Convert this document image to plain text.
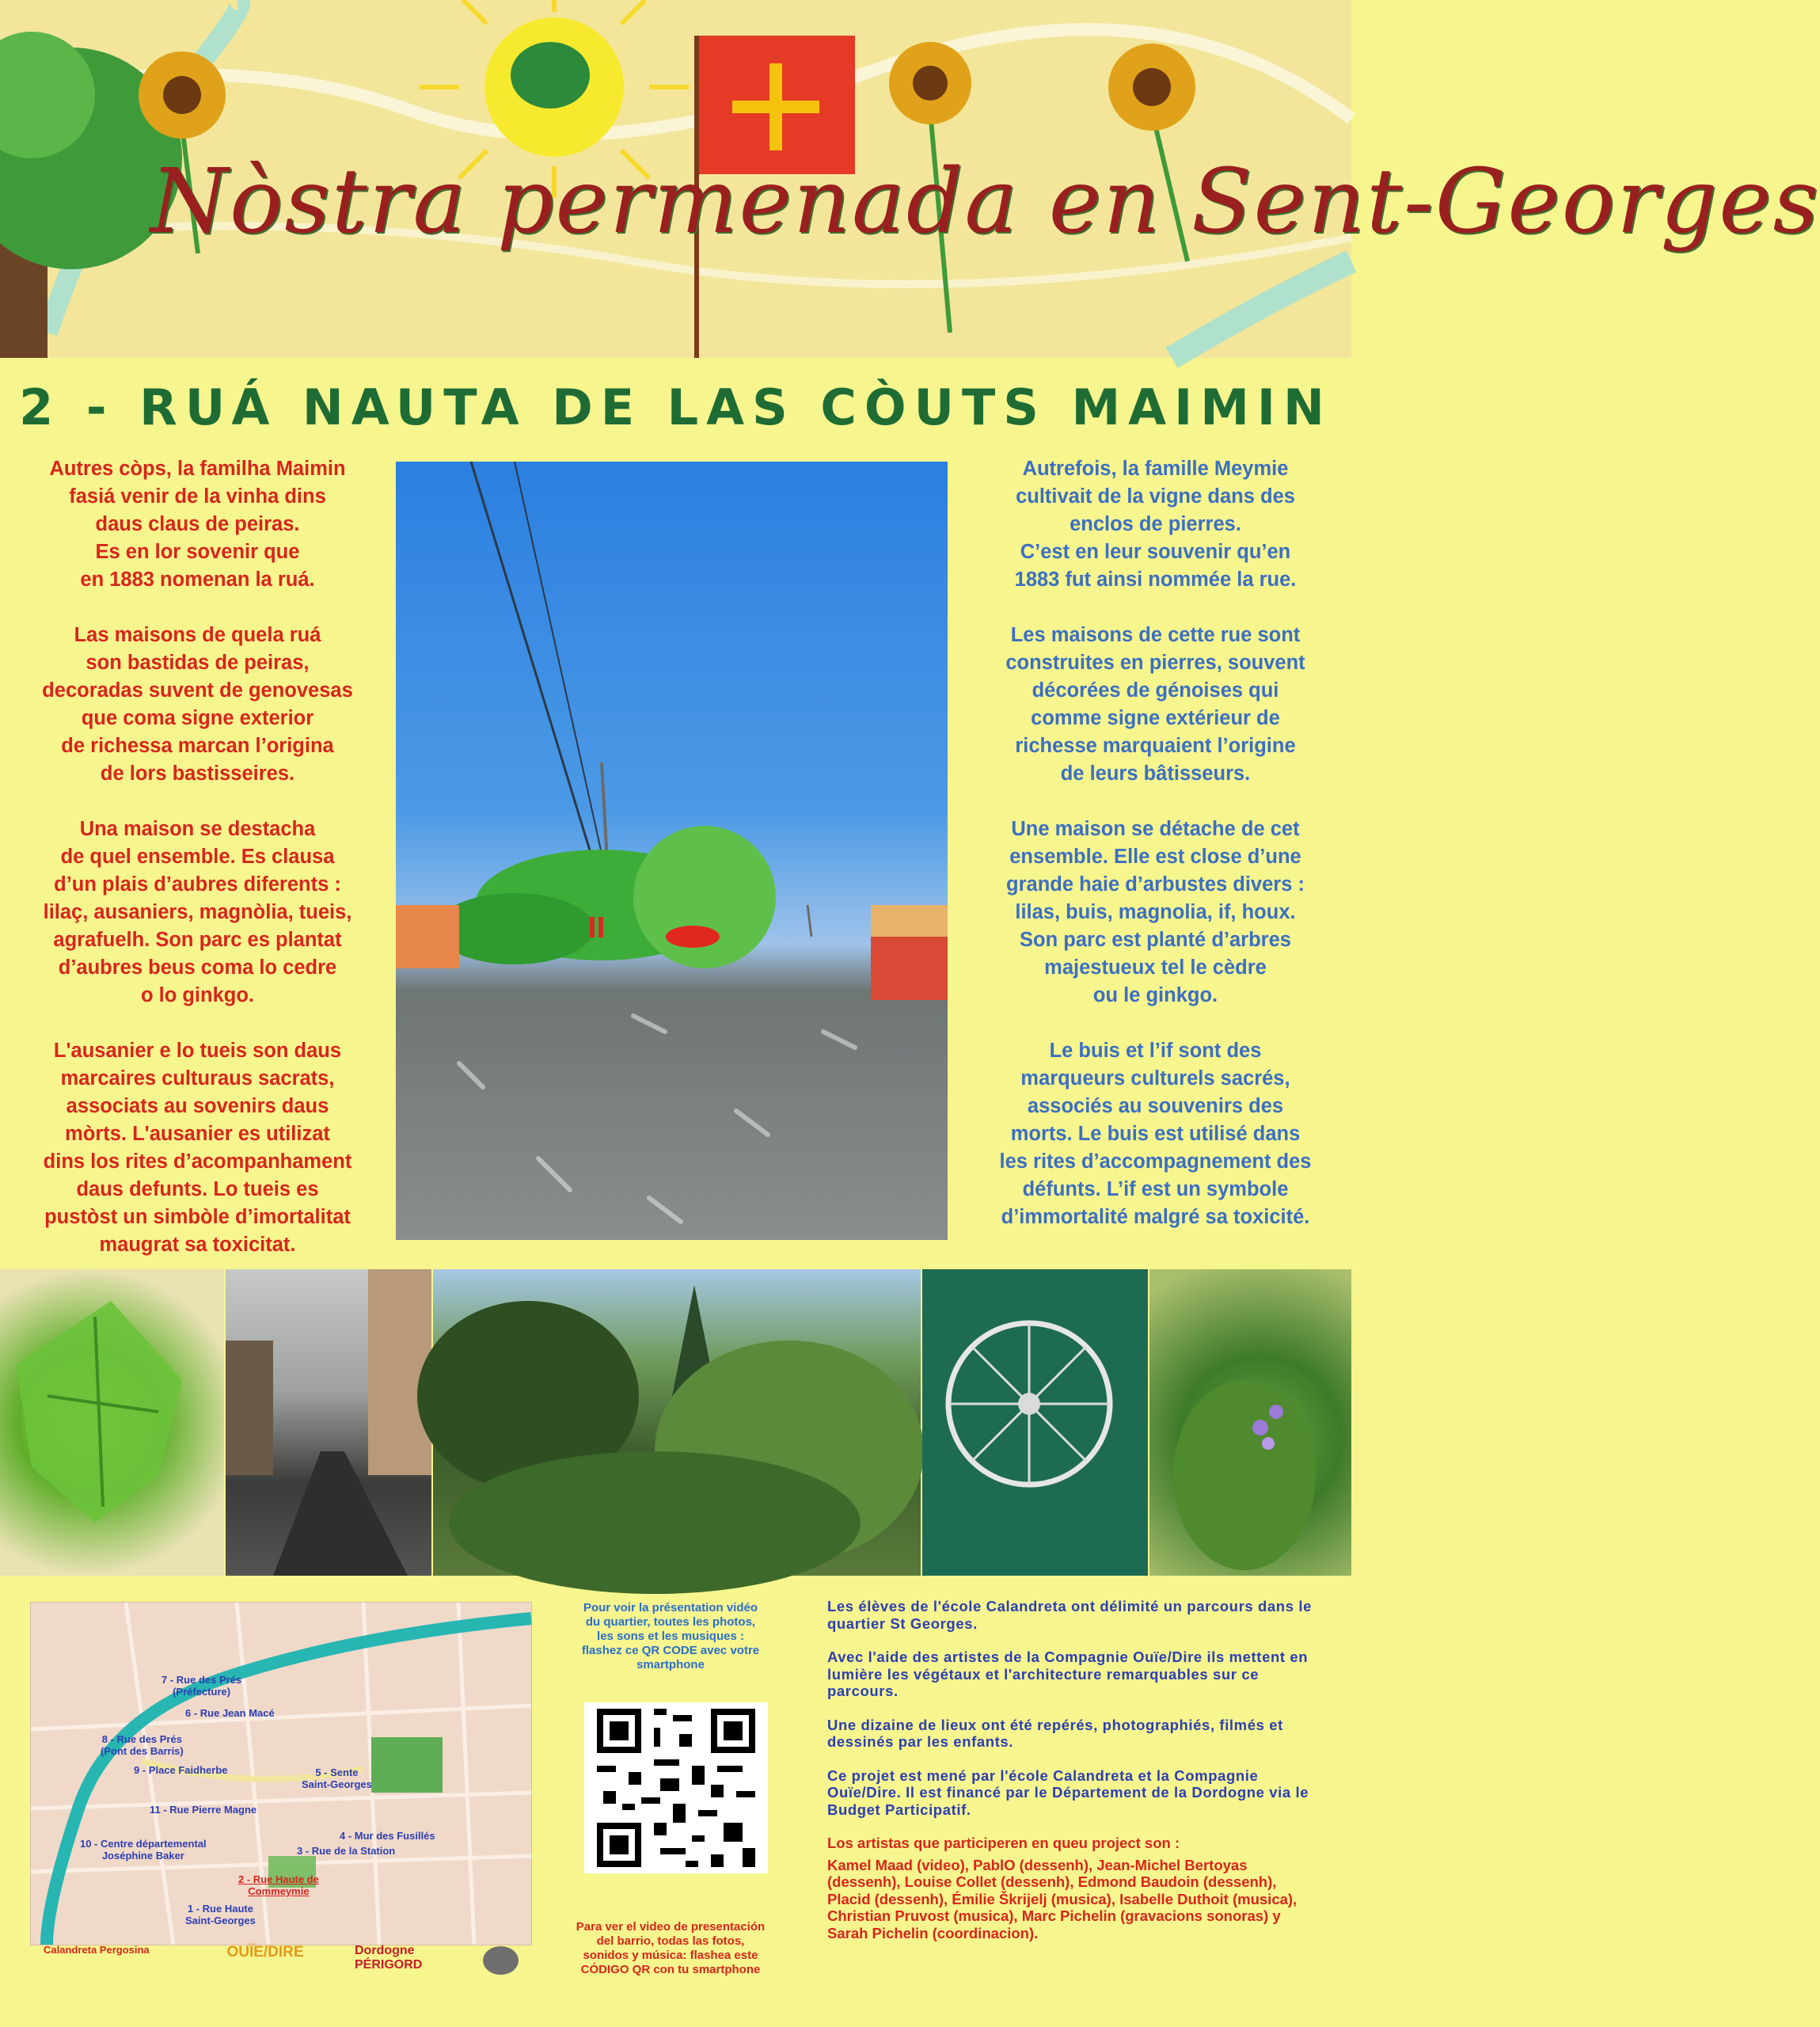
Nòstra permenada en Sent-Georges
2 - RUÁ NAUTA DE LAS CÒUTS MAIMIN

Autres còps, la familha Maimin
fasiá venir de la vinha dins
daus claus de peiras.
Es en lor sovenir que
en 1883 nomenan la ruá.

Las maisons de quela ruá
son bastidas de peiras,
decoradas suvent de genovesas
que coma signe exterior
de richessa marcan l’origina
de lors bastisseires.

Una maison se destacha
de quel ensemble. Es clausa
d’un plais d’aubres diferents :
lilaç, ausaniers, magnòlia, tueis,
agrafuelh. Son parc es plantat
d’aubres beus coma lo cedre
o lo ginkgo.

L'ausanier e lo tueis son daus
marcaires culturaus sacrats,
associats au sovenirs daus
mòrts. L'ausanier es utilizat
dins los rites d’acompanhament
daus defunts. Lo tueis es
pustòst un simbòle d’imortalitat
maugrat sa toxicitat.

Autrefois, la famille Meymie
cultivait de la vigne dans des
enclos de pierres.
C’est en leur souvenir qu’en
1883 fut ainsi nommée la rue.

Les maisons de cette rue sont
construites en pierres, souvent
décorées de génoises qui
comme signe extérieur de
richesse marquaient l’origine
de leurs bâtisseurs.

Une maison se détache de cet
ensemble. Elle est close d’une
grande haie d’arbustes divers :
lilas, buis, magnolia, if, houx.
Son parc est planté d’arbres
majestueux tel le cèdre
ou le ginkgo.

Le buis et l’if sont des
marqueurs culturels sacrés,
associés au souvenirs des
morts. Le buis est utilisé dans
les rites d’accompagnement des
défunts. L’if est un symbole
d’immortalité malgré sa toxicité.

7 - Rue des Prés
(Préfecture)
6 - Rue Jean Macé
8 - Rue des Prés
(Pont des Barris)
9 - Place Faidherbe	5 - Sente
Saint-Georges
11 - Rue Pierre Magne
4 - Mur des Fusillés
10 - Centre départemental
Joséphine Baker	3 - Rue de la Station
2 - Rue Haute de
Commeymie
1 - Rue Haute
Saint-Georges
Calandreta Pergosina	OUÏE/DIRE	Dordogne PÉRIGORD
Pour voir la présentation vidéo
du quartier, toutes les photos,
les sons et les musiques :
flashez ce QR CODE avec votre
smartphone
Para ver el video de presentación
del barrio, todas las fotos,
sonidos y música: flashea este
CÓDIGO QR con tu smartphone

Les élèves de l'école Calandreta ont délimité un parcours dans le quartier St Georges.

Avec l'aide des artistes de la Compagnie Ouïe/Dire ils mettent en lumière les végétaux et l'architecture remarquables sur ce parcours.

Une dizaine de lieux ont été repérés, photographiés, filmés et dessinés par les enfants.

Ce projet est mené par l'école Calandreta et la Compagnie Ouïe/Dire. Il est financé par le Département de la Dordogne via le Budget Participatif.

Los artistas que participeren en queu project son :

Kamel Maad (video), PablO (dessenh), Jean-Michel Bertoyas (dessenh), Louise Collet (dessenh), Edmond Baudoin (dessenh), Placid (dessenh), Émilie Škrijelj (musica), Isabelle Duthoit (musica), Christian Pruvost (musica), Marc Pichelin (gravacions sonoras) y Sarah Pichelin (coordinacion).
